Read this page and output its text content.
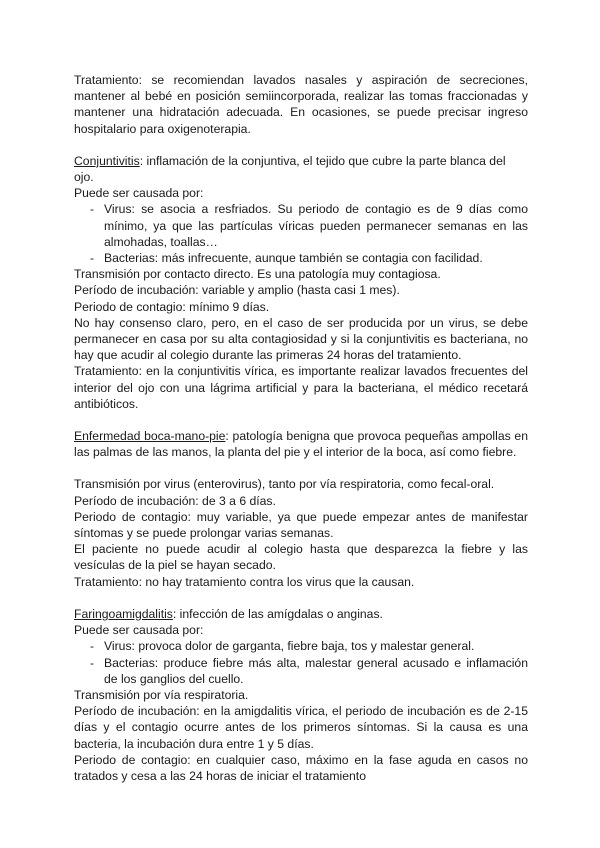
Tratamiento: se recomiendan lavados nasales y aspiración de secreciones, mantener al bebé en posición semiincorporada, realizar las tomas fraccionadas y mantener una hidratación adecuada. En ocasiones, se puede precisar ingreso hospitalario para oxigenoterapia.

Conjuntivitis: inflamación de la conjuntiva, el tejido que cubre la parte blanca del ojo.

Puede ser causada por:

- Virus: se asocia a resfriados. Su periodo de contagio es de 9 días como mínimo, ya que las partículas víricas pueden permanecer semanas en las almohadas, toallas…
- Bacterias: más infrecuente, aunque también se contagia con facilidad.

Transmisión por contacto directo. Es una patología muy contagiosa.

Período de incubación: variable y amplio (hasta casi 1 mes).

Periodo de contagio: mínimo 9 días.

No hay consenso claro, pero, en el caso de ser producida por un virus, se debe permanecer en casa por su alta contagiosidad y si la conjuntivitis es bacteriana, no hay que acudir al colegio durante las primeras 24 horas del tratamiento.

Tratamiento: en la conjuntivitis vírica, es importante realizar lavados frecuentes del interior del ojo con una lágrima artificial y para la bacteriana, el médico recetará antibióticos.

Enfermedad boca-mano-pie: patología benigna que provoca pequeñas ampollas en las palmas de las manos, la planta del pie y el interior de la boca, así como fiebre.

Transmisión por virus (enterovirus), tanto por vía respiratoria, como fecal-oral.

Período de incubación: de 3 a 6 días.

Periodo de contagio: muy variable, ya que puede empezar antes de manifestar síntomas y se puede prolongar varias semanas.

El paciente no puede acudir al colegio hasta que desparezca la fiebre y las vesículas de la piel se hayan secado.

Tratamiento: no hay tratamiento contra los virus que la causan.

Faringoamigdalitis: infección de las amígdalas o anginas.

Puede ser causada por:

- Virus: provoca dolor de garganta, fiebre baja, tos y malestar general.
- Bacterias: produce fiebre más alta, malestar general acusado e inflamación de los ganglios del cuello.

Transmisión por vía respiratoria.

Período de incubación: en la amigdalitis vírica, el periodo de incubación es de 2-15 días y el contagio ocurre antes de los primeros síntomas. Si la causa es una bacteria, la incubación dura entre 1 y 5 días.

Periodo de contagio: en cualquier caso, máximo en la fase aguda en casos no tratados y cesa a las 24 horas de iniciar el tratamiento
